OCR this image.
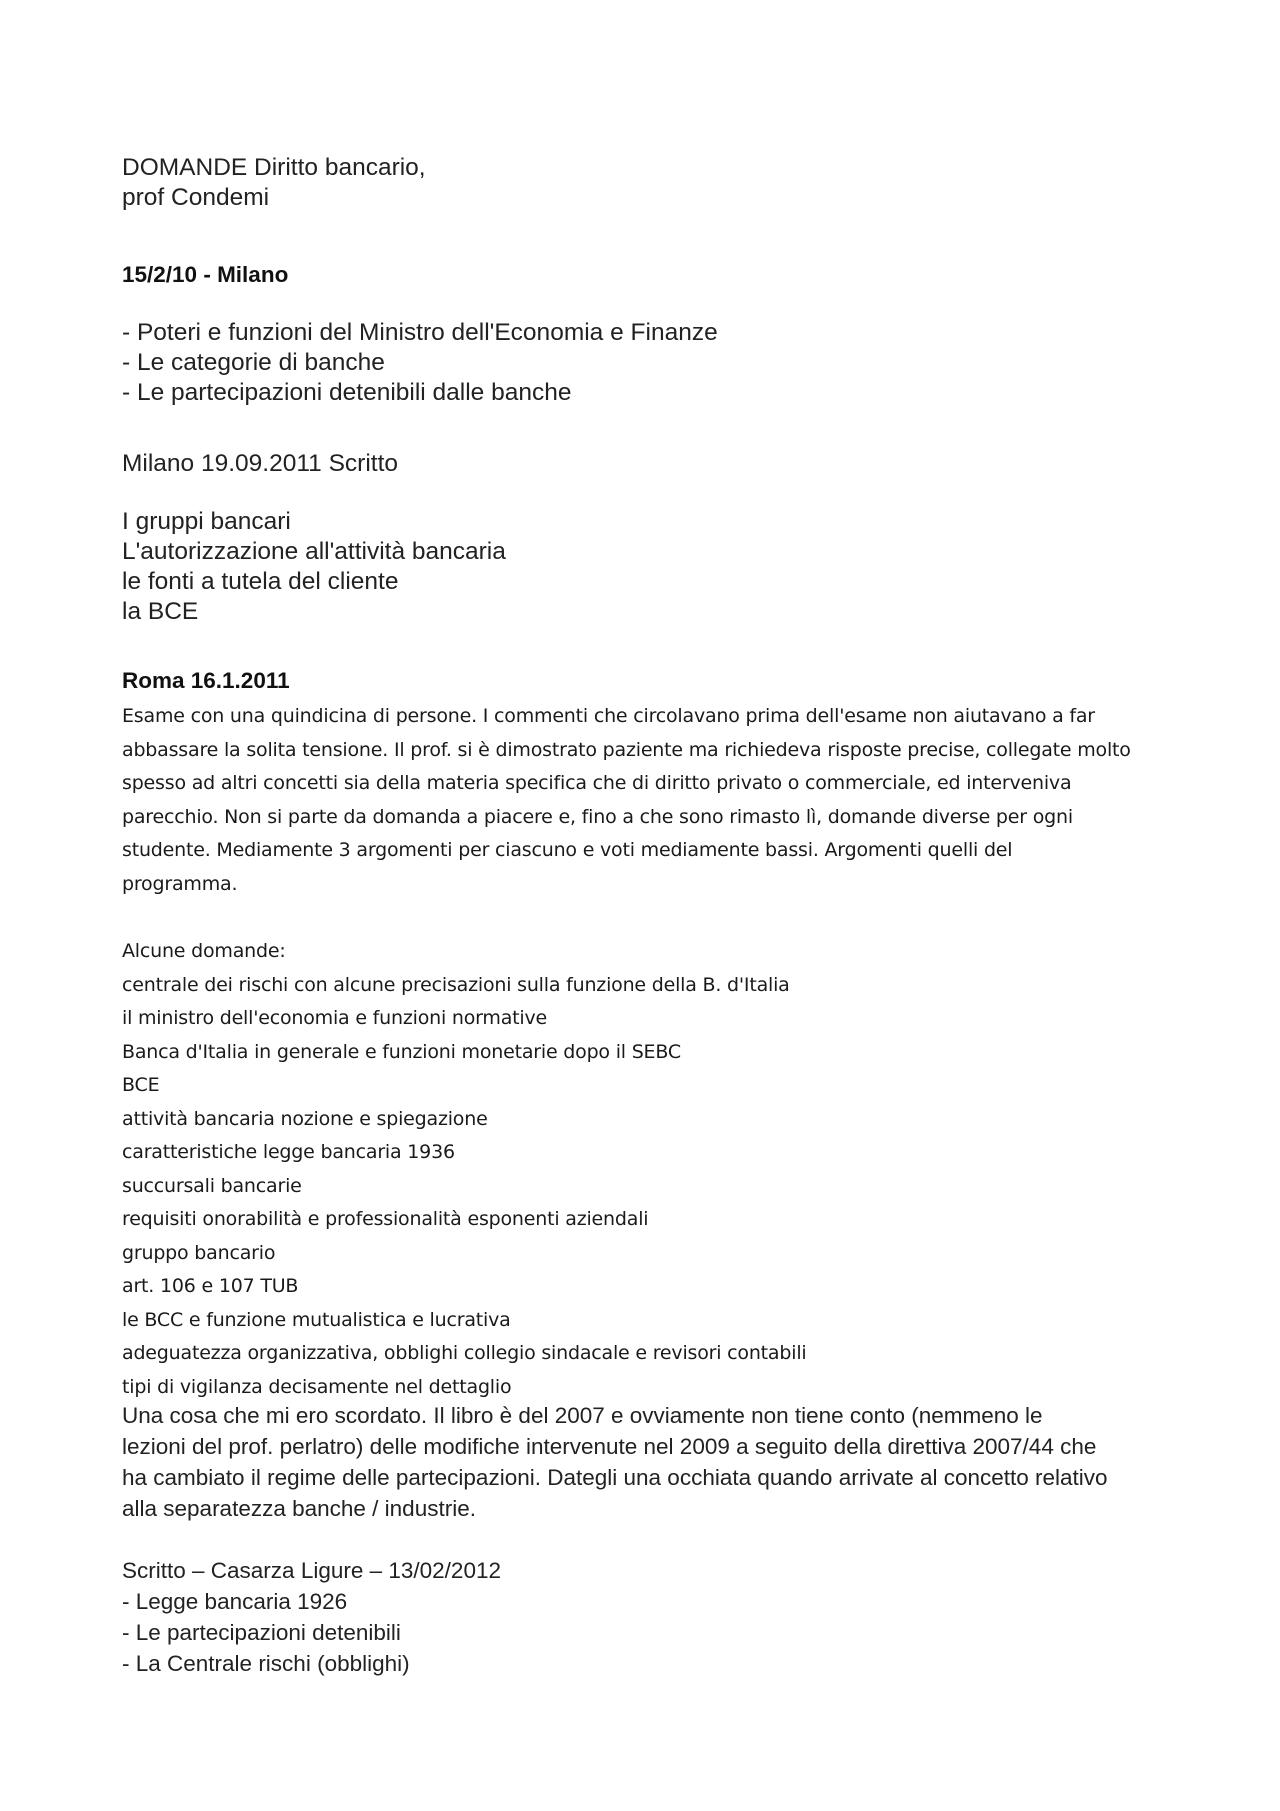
DOMANDE Diritto bancario,
prof Condemi
15/2/10 - Milano
- Poteri e funzioni del Ministro dell'Economia e Finanze
- Le categorie di banche
- Le partecipazioni detenibili dalle banche
Milano 19.09.2011 Scritto
I gruppi bancari
L'autorizzazione all'attività bancaria
le fonti a tutela del cliente
la BCE
Roma 16.1.2011
Esame con una quindicina di persone. I commenti che circolavano prima dell'esame non aiutavano a far
abbassare la solita tensione. Il prof. si è dimostrato paziente ma richiedeva risposte precise, collegate molto
spesso ad altri concetti sia della materia specifica che di diritto privato o commerciale, ed interveniva
parecchio. Non si parte da domanda a piacere e, fino a che sono rimasto lì, domande diverse per ogni
studente. Mediamente 3 argomenti per ciascuno e voti mediamente bassi. Argomenti quelli del
programma.
Alcune domande:
centrale dei rischi con alcune precisazioni sulla funzione della B. d'Italia
il ministro dell'economia e funzioni normative
Banca d'Italia in generale e funzioni monetarie dopo il SEBC
BCE
attività bancaria nozione e spiegazione
caratteristiche legge bancaria 1936
succursali bancarie
requisiti onorabilità e professionalità esponenti aziendali
gruppo bancario
art. 106 e 107 TUB
le BCC e funzione mutualistica e lucrativa
adeguatezza organizzativa, obblighi collegio sindacale e revisori contabili
tipi di vigilanza decisamente nel dettaglio
Una cosa che mi ero scordato. Il libro è del 2007 e ovviamente non tiene conto (nemmeno le
lezioni del prof. perlatro) delle modifiche intervenute nel 2009 a seguito della direttiva 2007/44 che
ha cambiato il regime delle partecipazioni. Dategli una occhiata quando arrivate al concetto relativo
alla separatezza banche / industrie.
Scritto – Casarza Ligure – 13/02/2012
- Legge bancaria 1926
- Le partecipazioni detenibili
- La Centrale rischi (obblighi)
